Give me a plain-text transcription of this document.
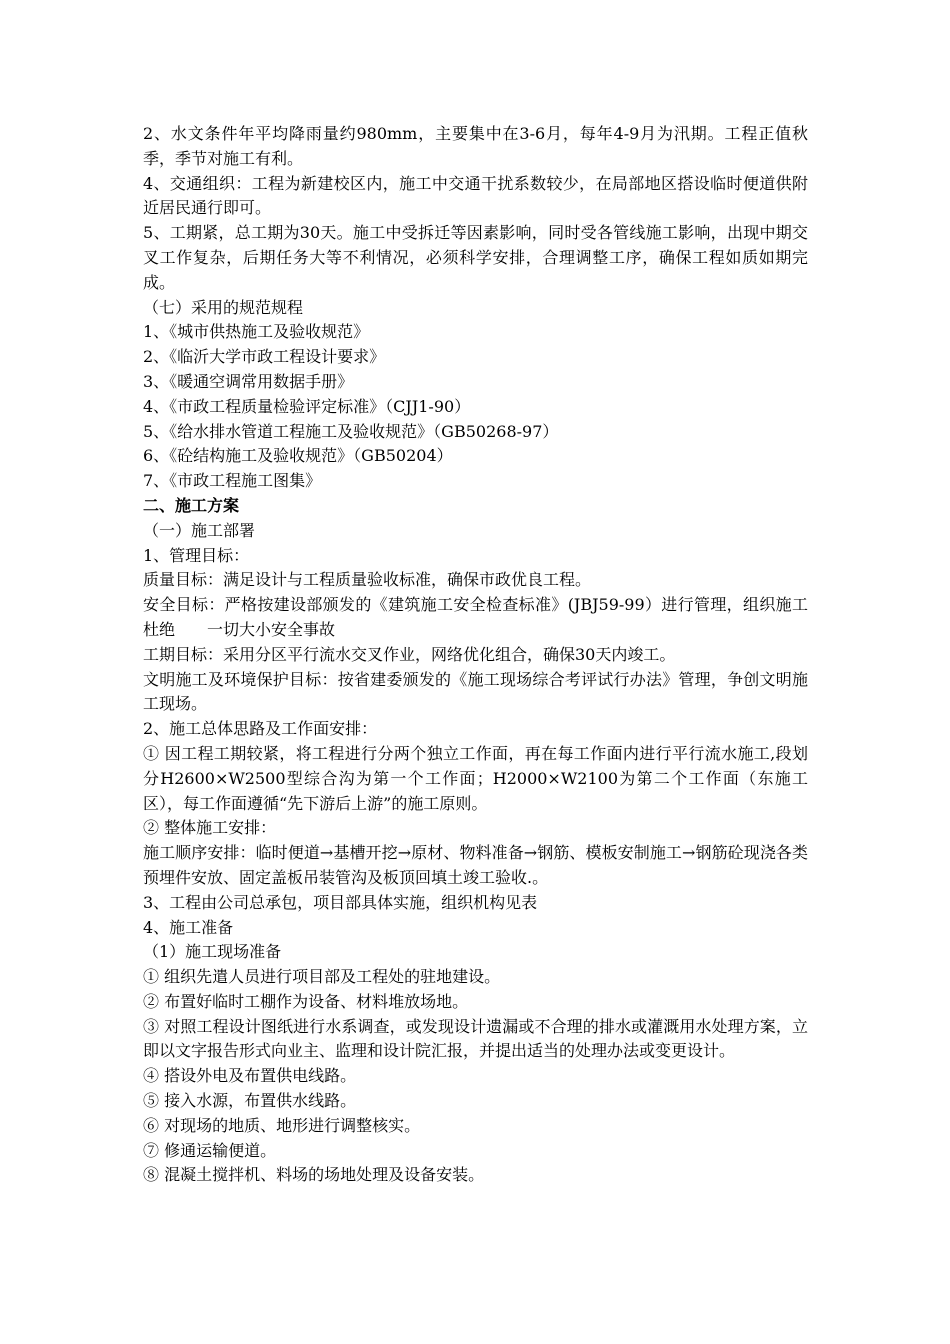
2、水文条件年平均降雨量约980mm，主要集中在3-6月，每年4-9月为汛期。工程正值秋季，季节对施工有利。

4、交通组织：工程为新建校区内，施工中交通干扰系数较少，在局部地区搭设临时便道供附近居民通行即可。

5、工期紧，总工期为30天。施工中受拆迁等因素影响，同时受各管线施工影响，出现中期交叉工作复杂，后期任务大等不利情况，必须科学安排，合理调整工序，确保工程如质如期完成。

（七）采用的规范规程

1、《城市供热施工及验收规范》

2、《临沂大学市政工程设计要求》

3、《暖通空调常用数据手册》

4、《市政工程质量检验评定标准》（CJJ1-90）

5、《给水排水管道工程施工及验收规范》（GB50268-97）

6、《砼结构施工及验收规范》（GB50204）

7、《市政工程施工图集》

二、施工方案

（一）施工部署

1、管理目标：

质量目标：满足设计与工程质量验收标准，确保市政优良工程。

安全目标：严格按建设部颁发的《建筑施工安全检查标准》(JBJ59-99）进行管理，组织施工　　杜绝　　一切大小安全事故

工期目标：采用分区平行流水交叉作业，网络优化组合，确保30天内竣工。

文明施工及环境保护目标：按省建委颁发的《施工现场综合考评试行办法》管理，争创文明施工现场。

2、施工总体思路及工作面安排：

① 因工程工期较紧，将工程进行分两个独立工作面，再在每工作面内进行平行流水施工,段划分H2600×W2500型综合沟为第一个工作面；H2000×W2100为第二个工作面（东施工区），每工作面遵循“先下游后上游”的施工原则。

② 整体施工安排：

施工顺序安排：临时便道→基槽开挖→原材、物料准备→钢筋、模板安制施工→钢筋砼现浇各类预埋件安放、固定盖板吊装管沟及板顶回填土竣工验收.。

3、工程由公司总承包，项目部具体实施，组织机构见表

4、施工准备

（1）施工现场准备

① 组织先遣人员进行项目部及工程处的驻地建设。

② 布置好临时工棚作为设备、材料堆放场地。

③ 对照工程设计图纸进行水系调查，或发现设计遗漏或不合理的排水或灌溉用水处理方案，立即以文字报告形式向业主、监理和设计院汇报，并提出适当的处理办法或变更设计。

④ 搭设外电及布置供电线路。

⑤ 接入水源，布置供水线路。

⑥ 对现场的地质、地形进行调整核实。

⑦ 修通运输便道。

⑧ 混凝土搅拌机、料场的场地处理及设备安装。
